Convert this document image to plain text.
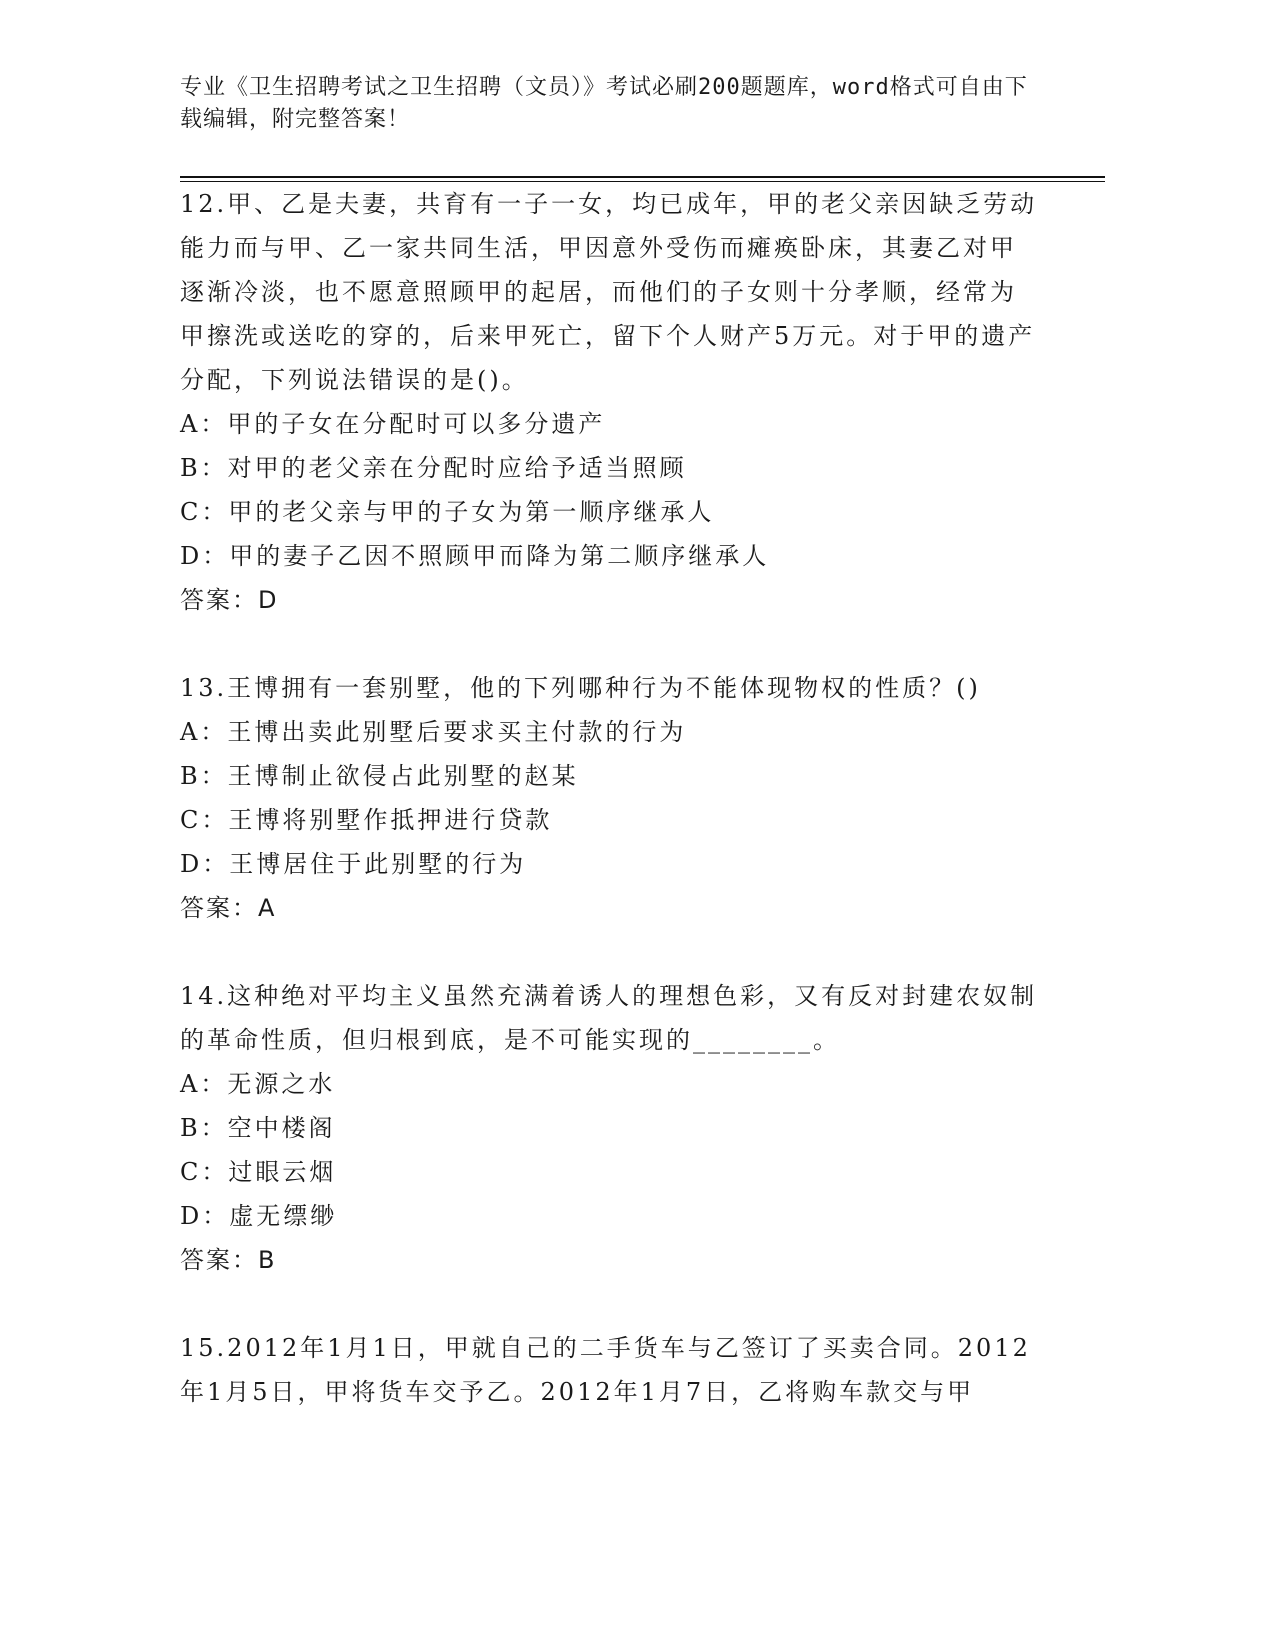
专业《卫生招聘考试之卫生招聘（文员）》考试必刷200题题库，word格式可自由下载编辑，附完整答案！

12.甲、乙是夫妻，共育有一子一女，均已成年，甲的老父亲因缺乏劳动能力而与甲、乙一家共同生活，甲因意外受伤而瘫痪卧床，其妻乙对甲逐渐冷淡，也不愿意照顾甲的起居，而他们的子女则十分孝顺，经常为甲擦洗或送吃的穿的，后来甲死亡，留下个人财产5万元。对于甲的遗产分配，下列说法错误的是()。

A：甲的子女在分配时可以多分遗产

B：对甲的老父亲在分配时应给予适当照顾

C：甲的老父亲与甲的子女为第一顺序继承人

D：甲的妻子乙因不照顾甲而降为第二顺序继承人

答案：D

13.王博拥有一套别墅，他的下列哪种行为不能体现物权的性质？()

A：王博出卖此别墅后要求买主付款的行为

B：王博制止欲侵占此别墅的赵某

C：王博将别墅作抵押进行贷款

D：王博居住于此别墅的行为

答案：A

14.这种绝对平均主义虽然充满着诱人的理想色彩，又有反对封建农奴制的革命性质，但归根到底，是不可能实现的________。

A：无源之水

B：空中楼阁

C：过眼云烟

D：虚无缥缈

答案：B

15.2012年1月1日，甲就自己的二手货车与乙签订了买卖合同。2012年1月5日，甲将货车交予乙。2012年1月7日，乙将购车款交与甲
